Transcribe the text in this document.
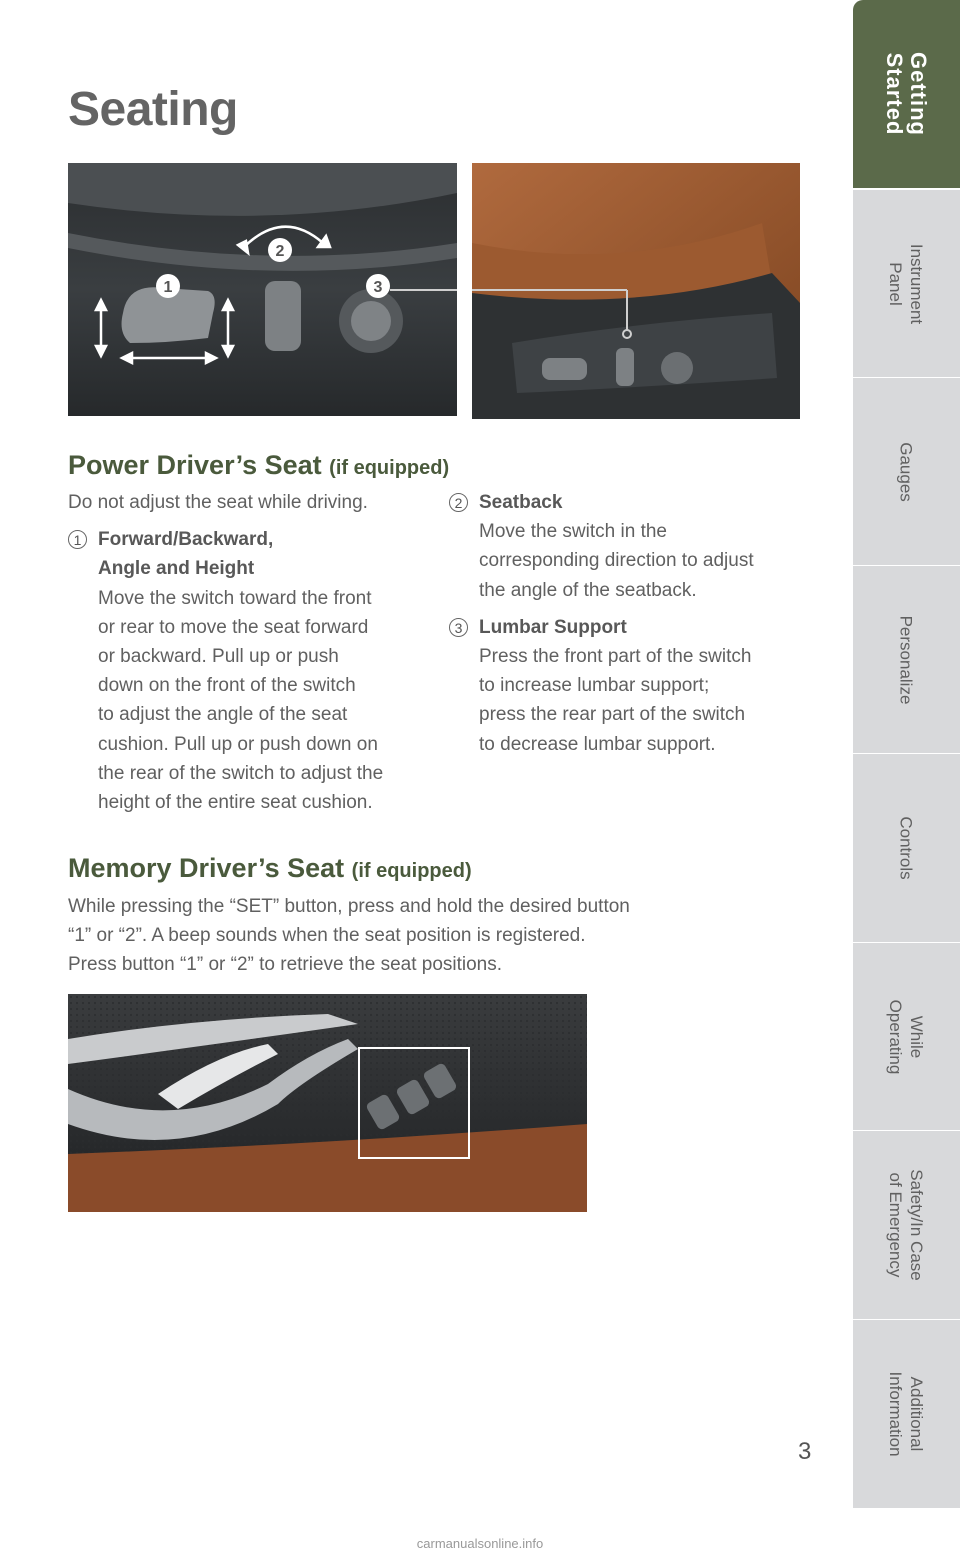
Seating
1
2
3
Power Driver’s Seat (if equipped)
Do not adjust the seat while driving.
1 Forward/Backward,
Angle and Height
Move the switch toward the front
or rear to move the seat forward
or backward. Pull up or push
down on the front of the switch
to adjust the angle of the seat
cushion. Pull up or push down on
the rear of the switch to adjust the
height of the entire seat cushion.
2 Seatback
Move the switch in the
corresponding direction to adjust
the angle of the seatback.
3 Lumbar Support
Press the front part of the switch
to increase lumbar support;
press the rear part of the switch
to decrease lumbar support.
Memory Driver’s Seat (if equipped)
While pressing the “SET” button, press and hold the desired button
“1” or “2”. A beep sounds when the seat position is registered.
Press button “1” or “2” to retrieve the seat positions.
3
Getting
Started
Instrument
Panel
Gauges
Personalize
Controls
While
Operating
Safety/In Case
of Emergency
Additional
Information
carmanualsonline.info
